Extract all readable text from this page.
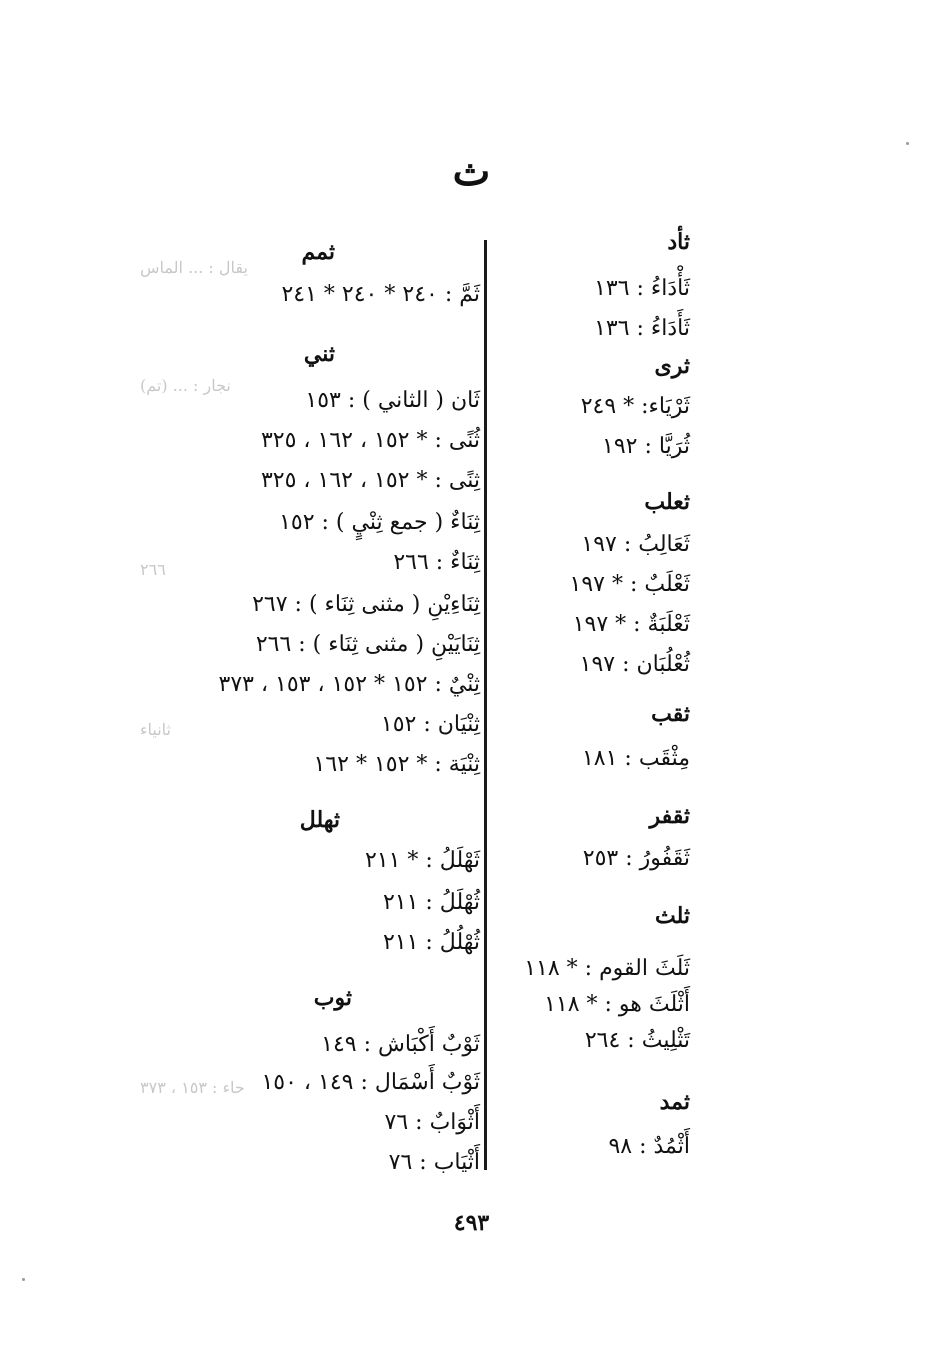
ث
ثأد
ثَأْدَاءُ : ١٣٦
ثَأَدَاءُ : ١٣٦
ثرى
ثَرْيَاء: * ٢٤٩
ثُرَيَّا : ١٩٢
ثعلب
ثَعَالِبُ : ١٩٧
ثَعْلَبٌ : * ١٩٧
ثَعْلَبَةٌ : * ١٩٧
ثُعْلُبَان : ١٩٧
ثقب
مِثْقَب : ١٨١
ثقفر
ثَقَفُورُ : ٢٥٣
ثلث
ثَلَثَ القوم : * ١١٨
أَثْلَثَ هو : * ١١٨
تَثْلِيثُ : ٢٦٤
ثمد
أَثْمُدٌ : ٩٨
ثمم
ثَمَّ : ٢٤٠ * ٢٤٠ * ٢٤١
ثني
ثَان ( الثاني ) : ١٥٣
ثُنًى : * ١٥٢ ، ١٦٢ ، ٣٢٥
ثِنًى : * ١٥٢ ، ١٦٢ ، ٣٢٥
ثِنَاءٌ ( جمع ثِنْيٍ ) : ١٥٢
ثِنَاءٌ : ٢٦٦
ثِنَاءِيْنِ ( مثنى ثِنَاء ) : ٢٦٧
ثِنَايَيْنِ ( مثنى ثِنَاء ) : ٢٦٦
ثِنْيٌ : ١٥٢ * ١٥٢ ، ١٥٣ ، ٣٧٣
ثِنْيَان : ١٥٢
ثِنْيَة : * ١٥٢ * ١٦٢
ثهلل
ثَهْلَلُ : * ٢١١
ثُهْلَلُ : ٢١١
ثُهْلُلُ : ٢١١
ثوب
ثَوْبٌ أَكْبَاش : ١٤٩
ثَوْبٌ أَسْمَال : ١٤٩ ، ١٥٠
أَثْوَابٌ : ٧٦
أَثْيَاب : ٧٦
يقال : ... الماس
نجار : ... (تم)
حاء : ١٥٣ ، ٣٧٣
ثانياء
٢٦٦
٤٩٣
